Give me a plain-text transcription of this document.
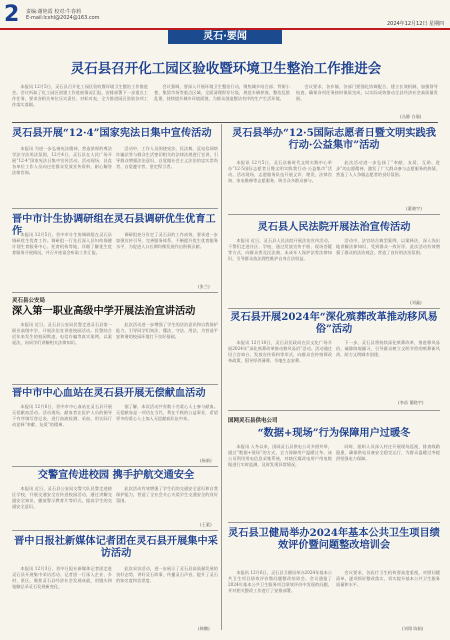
2 责编:谢艳霞 校对:牛春莉
E-mail:lcxhl@2024@163.com
2024年12月12日 星期四
灵石·要闻
灵石县召开化工园区验收暨环境卫生整治工作推进会

本报讯 12月5日，灵石县召开化工园区验收暨环境卫生整治工作推进会。会议听取了化工园区创建工作进展情况汇报，安排部署下一步重点工作任务，要求各相关单位压实责任、对标对表，全力推进园区验收各项工作落实落细。

会议强调，要深入开展环境卫生整治行动，聚焦城乡结合部、背街小巷、集贸市场等重点区域，全面清理积存垃圾，规范车辆停放，整治乱搭乱建，持续提升城乡环境面貌，为群众创造整洁有序的生产生活环境。

会议要求，各乡镇、各部门要强化协调配合，建立长效机制，加强督导检查，确保各项任务按时保质完成，以实际成效推动全县经济社会高质量发展。

(冯静 白瑜)
灵石县开展“12·4”国家宪法日集中宣传活动

本报讯 为进一步弘扬宪法精神，营造浓厚的尊法学法守法用法氛围，12月4日，灵石县在人民广场开展“12·4”国家宪法日集中宣传活动。活动现场，县直各单位工作人员向过往群众发放宣传资料，耐心解答法律咨询。

活动中，工作人员围绕宪法、民法典、反电信网络诈骗法等与群众生活密切相关的法律法规进行宣讲，引导群众增强法治意识，自觉做社会主义法治的忠实崇尚者、自觉遵守者、坚定捍卫者。

灵石县举办“12·5国际志愿者日暨文明实践我行动·公益集市”活动

本报讯 12月5日，灵石县新时代文明实践中心举办“12·5国际志愿者日暨文明实践我行动·公益集市”活动。活动现场，志愿服务队伍开展义诊、理发、法律咨询、家电维修等志愿服务，吸引众多群众参与。

此次活动进一步弘扬了“奉献、友爱、互助、进步”的志愿精神，激发了广大群众参与志愿服务的热情，营造了人人争做志愿者的良好氛围。

(董晓宇)
晋中市计生协调研组在灵石县调研优生优育工作

本报讯 12月5日，晋中市计生协调研组在灵石县调研优生优育工作。调研组一行先后深入县妇幼保健计划生育服务中心、托育机构等地，详细了解优生优育服务开展情况，并召开座谈会听取工作汇报。

调研组充分肯定了灵石县的工作成效，要求进一步加强宣传引导，完善服务体系，不断提升优生优育服务水平，为促进人口长期均衡发展作出积极贡献。

(张兰)
灵石县人民法院开展法治宣传活动

本报讯 近日，灵石县人民法院开展法治宣传活动。干警们走进社区、学校，通过发放宣传手册、现场答疑等方式，向群众普及民法典、未成年人保护法等法律知识，引导群众依法理性维护自身合法权益。

活动中，法官结合典型案例，以案释法，深入浅出地讲解法律知识，受到群众一致好评。此次活动有效增强了群众的法治观念，营造了良好的法治氛围。

(刘鑫)
灵石县公安局
深入第一职业高级中学开展法治宣讲活动

本报讯 近日，灵石县公安局民警走进灵石县第一职业高级中学，开展法治宣讲进校园活动。民警结合近年来发生的校园欺凌、电信诈骗等真实案例，以案说法，向同学们讲解相关法律知识。

此次活动进一步增强了学生的法治意识和自我保护能力，引导同学们知法、懂法、守法、用法，为营造平安和谐的校园环境打下良好基础。

灵石县开展2024年“深化殡葬改革推动移风易俗”活动

本报讯 12月10日，灵石县民政局在县文化广场开展2024年“深化殡葬改革推动移风易俗”活动。活动通过设立咨询台、发放宣传资料等形式，向群众宣传殡葬改革政策，倡导厚养薄葬、节地生态安葬。

下一步，灵石县将持续深化殡葬改革，推进移风易俗，破除陈规陋习，引导群众树立文明节俭的殡葬新风尚，助力文明城市创建。

(李苗 董晓宇)
晋中市中心血站在灵石县开展无偿献血活动

本报讯 12月6日，晋中市中心血站在灵石县开展无偿献血活动。活动现场，献血者在医护人员的指导下有序填写登记表、进行血液检测、采血，用实际行动诠释“奉献、友爱”的精神。

据了解，本次活动共有数十名爱心人士参与献血。无偿献血是一项功在当代、利在千秋的公益事业，希望更多的爱心人士加入无偿献血队伍中来。

(杨新)
国网灵石县供电公司
“数据+现场”行为保障用户过暖冬

本报讯 入冬以来，国网灵石县供电公司多措并举，通过“数据+现场”的方式，全力保障用户温暖过冬。该公司利用用电信息采集系统，对辖区煤改电用户用电数据进行实时监测，及时发现异常情况。

同时，组织人员深入村庄开展现场巡视，排查线路隐患，确保供电设备安全稳定运行，为群众温暖过冬提供坚强电力保障。

交警宣传进校园 携手护航交通安全

本报讯 近日，灵石县公安局交警大队民警走进辖区学校，开展交通安全宣传进校园活动，通过讲解交通安全知识、播放警示教育片等形式，提高学生的交通安全意识。

此次活动有效增强了学生们的交通安全意识和自我保护能力，营造了全社会关心关爱学生交通安全的良好氛围。

(王素)
晋中日报社新媒体记者团在灵石县开展集中采访活动

本报讯 12月3日，晋中日报社新媒体记者团走进灵石县开展集中采访活动。记者团一行深入企业、乡村、景区，聚焦灵石县经济社会发展成就，用镜头和笔触记录灵石发展新变化。

此次采访活动，进一步展示了灵石县高质量发展的良好态势，讲好灵石故事，传播灵石声音，提升了灵石的知名度和美誉度。

(韩鹏)
灵石县卫健局举办2024年基本公共卫生项目绩效评价暨问题整改培训会

本报讯 12月6日，灵石县卫健局举办2024年基本公共卫生项目绩效评价暨问题整改培训会。会议通报了2024年基本公共卫生服务项目绩效评价中发现的问题，并对相关整改工作进行了安排部署。

会议要求，各医疗卫生机构要高度重视，对照问题清单，逐项抓好整改落实，切实提升基本公共卫生服务质量和水平。

(刘翔 陈娟)
